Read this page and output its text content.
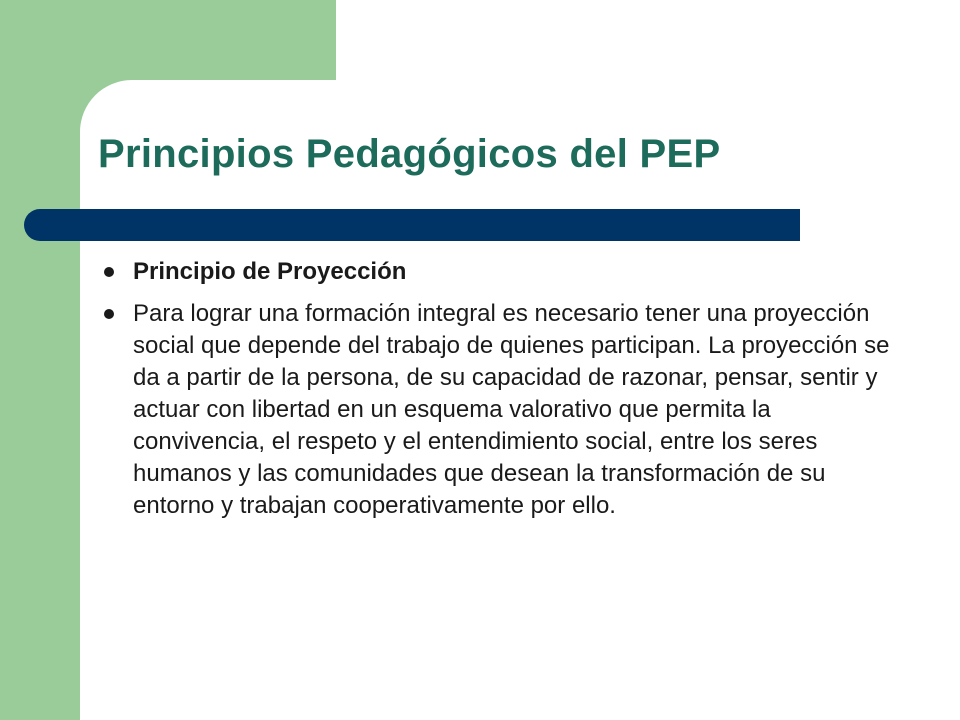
Principios Pedagógicos del PEP
Principio de Proyección
Para lograr una formación integral es necesario tener una proyección social que depende del trabajo de quienes participan. La proyección se da a partir de la persona, de su capacidad de razonar, pensar, sentir y actuar con libertad en un esquema valorativo que permita la convivencia, el respeto y el entendimiento social, entre los seres humanos y las comunidades que desean la transformación de su entorno y trabajan cooperativamente por ello.
